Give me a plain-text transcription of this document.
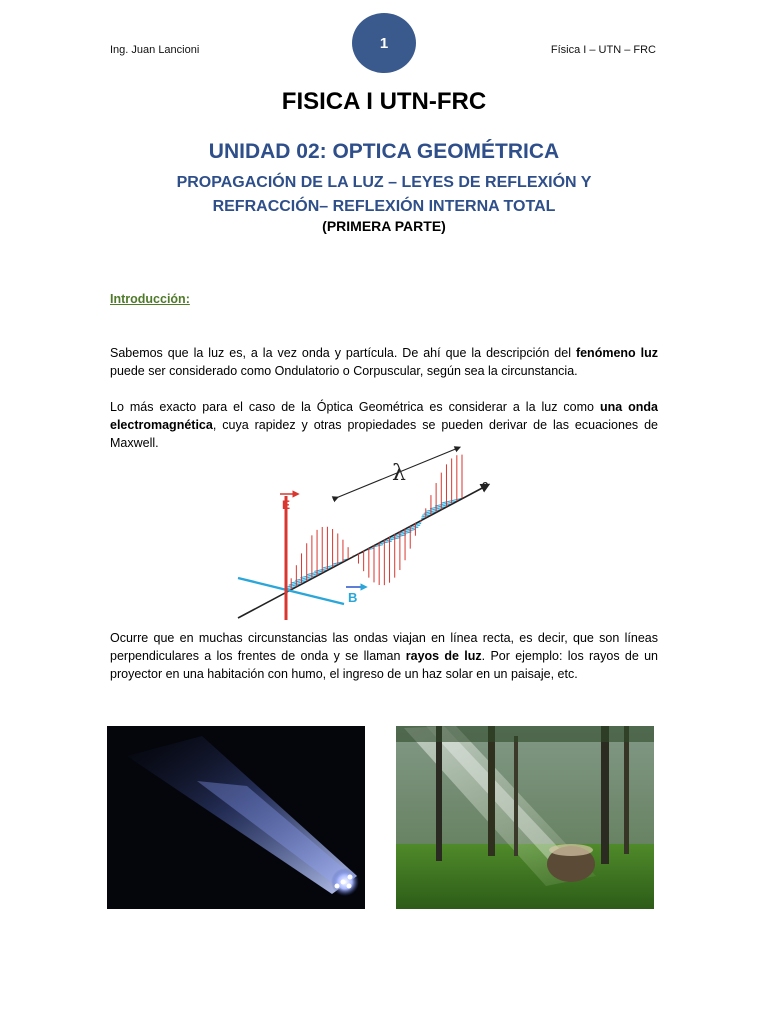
Ing. Juan Lancioni	1	Física I – UTN – FRC
FISICA I UTN-FRC
UNIDAD 02: OPTICA GEOMÉTRICA
PROPAGACIÓN DE LA LUZ – LEYES DE REFLEXIÓN Y
REFRACCIÓN– REFLEXIÓN INTERNA TOTAL
(PRIMERA PARTE)
Introducción:

Sabemos que la luz es, a la vez onda y partícula. De ahí que la descripción del fenómeno luz puede ser considerado como Ondulatorio o Corpuscular, según sea la circunstancia.

Lo más exacto para el caso de la Óptica Geométrica es considerar a la luz como una onda electromagnética, cuya rapidez y otras propiedades se pueden derivar de las ecuaciones de Maxwell.

E
B
c
λ

Ocurre que en muchas circunstancias las ondas viajan en línea recta, es decir, que son líneas perpendiculares a los frentes de onda y se llaman rayos de luz. Por ejemplo: los rayos de un proyector en una habitación con humo, el ingreso de un haz solar en un paisaje, etc.
